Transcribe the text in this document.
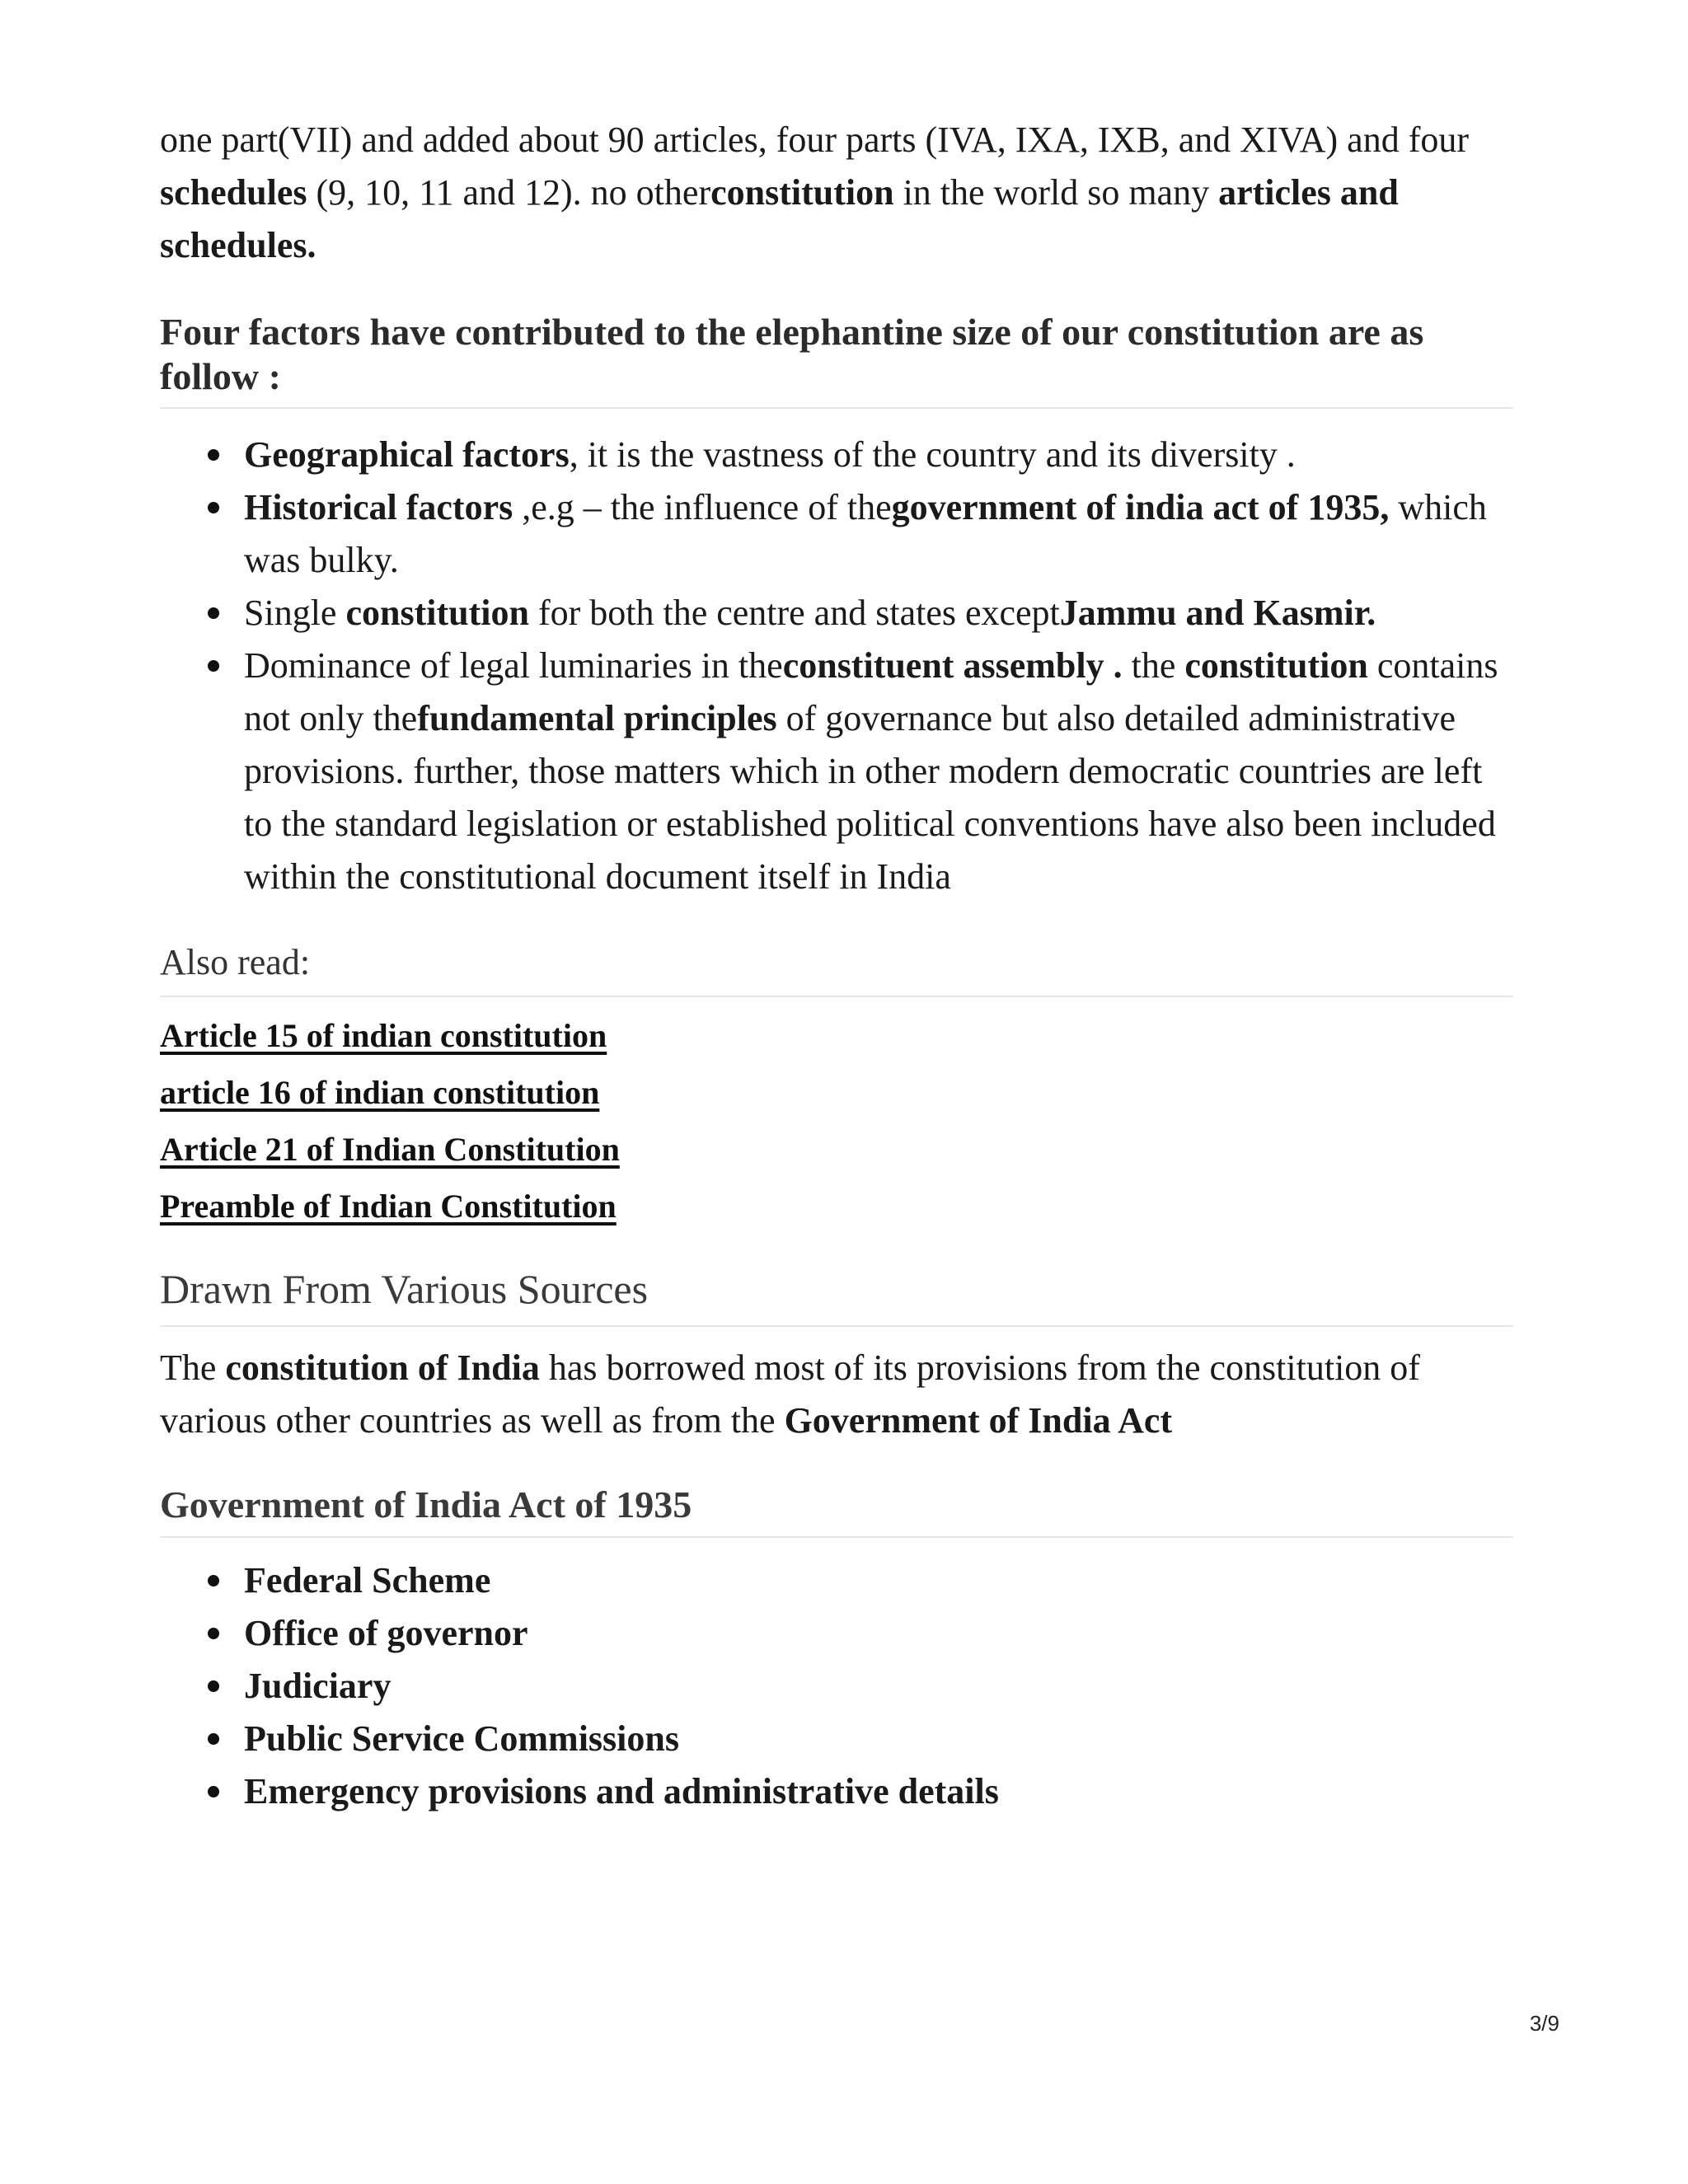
one part(VII) and added about 90 articles, four parts (IVA, IXA, IXB, and XIVA) and four schedules (9, 10, 11 and 12). no otherconstitution in the world so many articles and schedules.

Four factors have contributed to the elephantine size of our constitution are as follow :
Geographical factors, it is the vastness of the country and its diversity .
Historical factors ,e.g – the influence of thegovernment of india act of 1935, which was bulky.
Single constitution for both the centre and states exceptJammu and Kasmir.
Dominance of legal luminaries in theconstituent assembly . the constitution contains not only thefundamental principles of governance but also detailed administrative provisions. further, those matters which in other modern democratic countries are left to the standard legislation or established political conventions have also been included within the constitutional document itself in India
Also read:
Article 15 of indian constitution
article 16 of indian constitution
Article 21 of Indian Constitution
Preamble of Indian Constitution
Drawn From Various Sources

The constitution of India has borrowed most of its provisions from the constitution of various other countries as well as from the Government of India Act

Government of India Act of 1935
Federal Scheme
Office of governor
Judiciary
Public Service Commissions
Emergency provisions and administrative details
3/9
